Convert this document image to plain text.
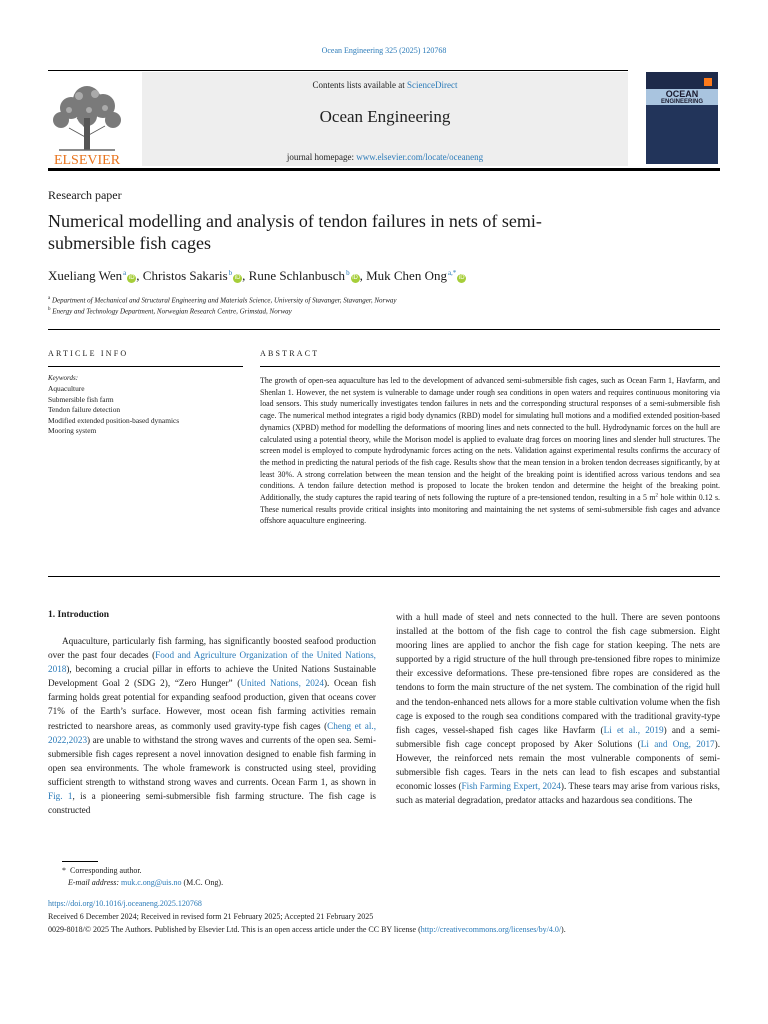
Ocean Engineering 325 (2025) 120768
Contents lists available at ScienceDirect
Ocean Engineering
journal homepage: www.elsevier.com/locate/oceaneng
ELSEVIER
OCEAN
ENGINEERING
Research paper
Numerical modelling and analysis of tendon failures in nets of semi-submersible fish cages
Xueliang Wen$^a$iD , Christos Sakaris$^b$iD , Rune Schlanbusch$^b$iD , Muk Chen Ong$^{a,*}$iD
$^a$ Department of Mechanical and Structural Engineering and Materials Science, University of Stavanger, Stavanger, Norway
$^b$ Energy and Technology Department, Norwegian Research Centre, Grimstad, Norway
ARTICLE INFO	ABSTRACT
Keywords:
Aquaculture
Submersible fish farm
Tendon failure detection
Modified extended position-based dynamics
Mooring system
The growth of open-sea aquaculture has led to the development of advanced semi-submersible fish cages, such as Ocean Farm 1, Havfarm, and Shenlan 1. However, the net system is vulnerable to damage under rough sea conditions in open waters and requires continuous monitoring via load sensors. This study numerically investigates tendon failures in nets and the corresponding structural responses of a semi-submersible fish cage. The numerical method integrates a rigid body dynamics (RBD) model for simulating hull motions and a modified extended position-based dynamics (XPBD) method for modelling the deformations of mooring lines and nets connected to the hull. Hydrodynamic forces on the hull are calculated using a potential theory, while the Morison model is applied to evaluate drag forces on mooring lines and slender hull structures. The screen model is employed to compute hydrodynamic forces acting on the nets. Validation against experimental results confirms the accuracy of the method in predicting the natural periods of the fish cage. Results show that the mean tension in a broken tendon decreases significantly, by at least 30%. A strong correlation between the mean tension and the height of the breaking point is identified across various tendons and sea conditions. A tendon failure detection method is proposed to locate the broken tendon and determine the height of the breaking point. Additionally, the study captures the rapid tearing of nets following the rupture of a pre-tensioned tendon, resulting in a 5 $m^2$ hole within 0.12 s. These numerical results provide critical insights into monitoring and maintaining the net systems of semi-submersible fish cages and advance offshore aquaculture engineering.
1. Introduction
Aquaculture, particularly fish farming, has significantly boosted seafood production over the past four decades (Food and Agriculture Organization of the United Nations, 2018), becoming a crucial pillar in efforts to achieve the United Nations Sustainable Development Goal 2 (SDG 2), “Zero Hunger” (United Nations, 2024). Ocean fish farming holds great potential for expanding seafood production, given that oceans cover 71% of the Earth’s surface. However, most ocean fish farming activities remain restricted to nearshore areas, as commonly used gravity-type fish cages (Cheng et al., 2022,2023) are unable to withstand the strong waves and currents of the open sea. Semi-submersible fish cages represent a novel innovation designed to enable fish farming in open sea environments. The whole framework is constructed using steel, providing sufficient strength to withstand strong waves and currents. Ocean Farm 1, as shown in Fig. 1, is a pioneering semi-submersible fish farming structure. The fish cage is constructed
with a hull made of steel and nets connected to the hull. There are seven pontoons installed at the bottom of the fish cage to control the fish cage submersion. Eight mooring lines are applied to anchor the fish cage for station keeping. The nets are supported by a rigid structure of the hull through pre-tensioned fibre ropes to minimize their excessive deformations. These pre-tensioned fibre ropes are considered as the tendons to form the main structure of the net system. The combination of the rigid hull and the tendon-enhanced nets allows for a more stable cultivation volume when the fish cage is exposed to the rough sea conditions compared with the traditional gravity-type fish cages, vessel-shaped fish cages like Havfarm (Li et al., 2019) and a semi-submersible fish cage concept proposed by Aker Solutions (Li and Ong, 2017). However, the reinforced nets remain the most vulnerable components of semi-submersible fish cages. Tears in the nets can lead to fish escapes and substantial economic losses (Fish Farming Expert, 2024). These tears may arise from various risks, such as material degradation, predator attacks and hazardous sea conditions. The
* Corresponding author.
E-mail address: muk.c.ong@uis.no (M.C. Ong).
https://doi.org/10.1016/j.oceaneng.2025.120768
Received 6 December 2024; Received in revised form 21 February 2025; Accepted 21 February 2025
0029-8018/© 2025 The Authors. Published by Elsevier Ltd. This is an open access article under the CC BY license (http://creativecommons.org/licenses/by/4.0/).
